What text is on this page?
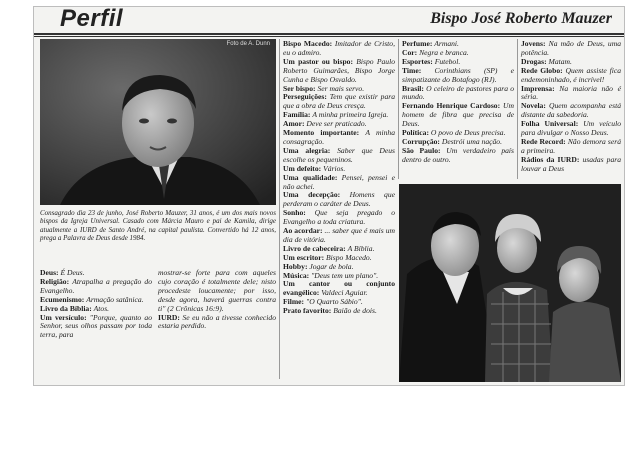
Perfil	Bispo José Roberto Mauzer
Foto de A. Dunn
Consagrado dia 23 de junho, José Roberto Mauzer, 31 anos, é um dos mais novos bispos da Igreja Universal. Casado com Márcia Mauro e pai de Kamila, dirige atualmente a IURD de Santo André, na capital paulista. Convertido há 12 anos, prega a Palavra de Deus desde 1984.

Deus: É Deus.

Religião: Atrapalha a pregação do Evangelho.

Ecumenismo: Armação satânica.

Livro da Bíblia: Atos.

Um versículo: "Porque, quanto ao Senhor, seus olhos passam por toda terra, para

mostrar-se forte para com aqueles cujo coração é totalmente dele; nisto procedeste loucamente; por isso, desde agora, haverá guerras contra ti" (2 Crônicas 16:9).

IURD: Se eu não a tivesse conhecido estaria perdido.

Bispo Macedo: Imitador de Cristo, eu o admiro.

Um pastor ou bispo: Bispo Paulo Roberto Guimarães, Bispo Jorge Cunha e Bispo Osvaldo.

Ser bispo: Ser mais servo.

Perseguições: Tem que existir para que a obra de Deus cresça.

Família: A minha primeira Igreja.

Amor: Deve ser praticado.

Momento importante: A minha consagração.

Uma alegria: Saber que Deus escolhe os pequeninos.

Um defeito: Vários.

Uma qualidade: Pensei, pensei e não achei.

Uma decepção: Homens que perderam o caráter de Deus.

Sonho: Que seja pregado o Evangelho a toda criatura.

Ao acordar: ... saber que é mais um dia de vitória.

Livro de cabeceira: A Bíblia.

Um escritor: Bispo Macedo.

Hobby: Jogar de bola.

Música: "Deus tem um plano".

Um cantor ou conjunto evangélico: Valdeci Aguiar.

Filme: "O Quarto Sábio".

Prato favorito: Baião de dois.

Perfume: Armani.

Cor: Negra e branca.

Esportes: Futebol.

Time: Corinthians (SP) e simpatizante do Botafogo (RJ).

Brasil: O celeiro de pastores para o mundo.

Fernando Henrique Cardoso: Um homem de fibra que precisa de Deus.

Política: O povo de Deus precisa.

Corrupção: Destrói uma nação.

São Paulo: Um verdadeiro país dentro de outro.

Jovens: Na mão de Deus, uma potência.

Drogas: Matam.

Rede Globo: Quem assiste fica endemoninhado, é incrível!

Imprensa: Na maioria não é séria.

Novela: Quem acompanha está distante da sabedoria.

Folha Universal: Um veículo para divulgar o Nosso Deus.

Rede Record: Não demora será a primeira.

Rádios da IURD: usadas para louvar a Deus
